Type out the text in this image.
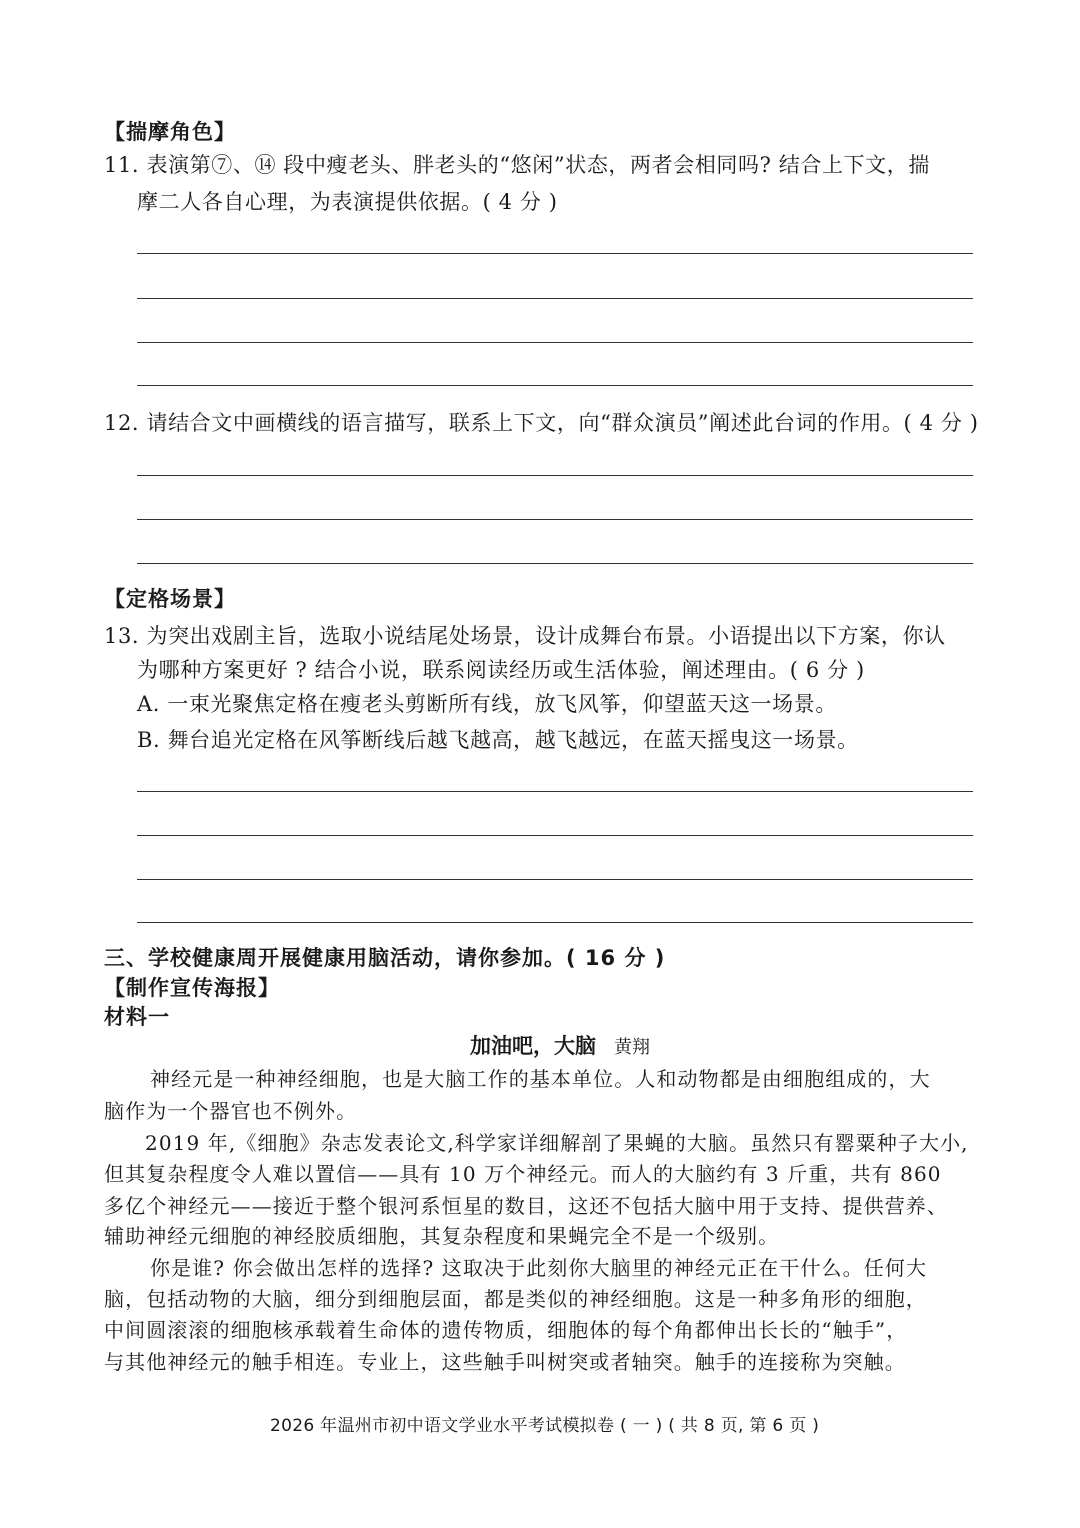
【揣摩角色】
11. 表演第⑦、⑭ 段中瘦老头、胖老头的“悠闲”状态，两者会相同吗? 结合上下文，揣
摩二人各自心理，为表演提供依据。( 4 分 )
12. 请结合文中画横线的语言描写，联系上下文，向“群众演员”阐述此台词的作用。( 4 分 )
【定格场景】
13. 为突出戏剧主旨，选取小说结尾处场景，设计成舞台布景。小语提出以下方案，你认
为哪种方案更好 ? 结合小说，联系阅读经历或生活体验，阐述理由。( 6 分 )
A. 一束光聚焦定格在瘦老头剪断所有线，放飞风筝，仰望蓝天这一场景。
B. 舞台追光定格在风筝断线后越飞越高，越飞越远，在蓝天摇曳这一场景。
三、学校健康周开展健康用脑活动，请你参加。( 16 分 )
【制作宣传海报】
材料一
加油吧，大脑 黄翔
神经元是一种神经细胞，也是大脑工作的基本单位。人和动物都是由细胞组成的，大
脑作为一个器官也不例外。
2019 年,《细胞》杂志发表论文,科学家详细解剖了果蝇的大脑。虽然只有罂粟种子大小,
但其复杂程度令人难以置信——具有 10 万个神经元。而人的大脑约有 3 斤重，共有 860
多亿个神经元——接近于整个银河系恒星的数目，这还不包括大脑中用于支持、提供营养、
辅助神经元细胞的神经胶质细胞，其复杂程度和果蝇完全不是一个级别。
你是谁? 你会做出怎样的选择? 这取决于此刻你大脑里的神经元正在干什么。任何大
脑，包括动物的大脑，细分到细胞层面，都是类似的神经细胞。这是一种多角形的细胞，
中间圆滚滚的细胞核承载着生命体的遗传物质，细胞体的每个角都伸出长长的“触手”，
与其他神经元的触手相连。专业上，这些触手叫树突或者轴突。触手的连接称为突触。
2026 年温州市初中语文学业水平考试模拟卷 ( 一 ) ( 共 8 页, 第 6 页 )
